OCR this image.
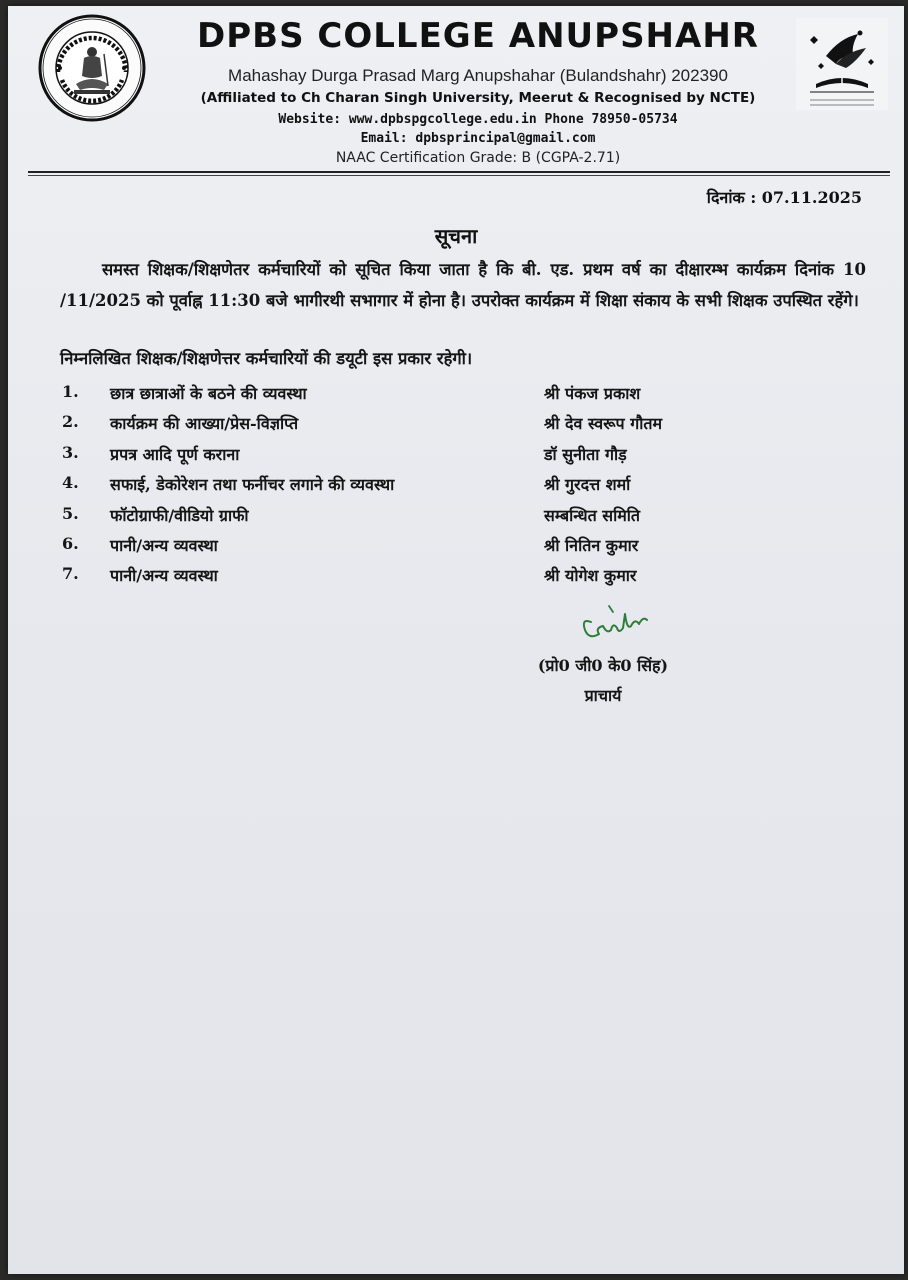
DPBS COLLEGE ANUPSHAHR
Mahashay Durga Prasad Marg Anupshahar (Bulandshahr) 202390
(Affiliated to Ch Charan Singh University, Meerut & Recognised by NCTE)
Website: www.dpbspgcollege.edu.in Phone 78950-05734
Email: dpbsprincipal@gmail.com
NAAC Certification Grade: B (CGPA-2.71)
दिनांक : 07.11.2025
सूचना
समस्त शिक्षक/शिक्षणेतर कर्मचारियों को सूचित किया जाता है कि बी. एड. प्रथम वर्ष का दीक्षारम्भ कार्यक्रम दिनांक 10 /11/2025 को पूर्वाह्न 11:30 बजे भागीरथी सभागार में होना है। उपरोक्त कार्यक्रम में शिक्षा संकाय के सभी शिक्षक उपस्थित रहेंगे।
निम्नलिखित शिक्षक/शिक्षणेत्तर कर्मचारियों की डयूटी इस प्रकार रहेगी।
1. छात्र छात्राओं के बठने की व्यवस्था	श्री पंकज प्रकाश
2. कार्यक्रम की आख्या/प्रेस-विज्ञप्ति	श्री देव स्वरूप गौतम
3. प्रपत्र आदि पूर्ण कराना	डॉ सुनीता गौड़
4. सफाई, डेकोरेशन तथा फर्नीचर लगाने की व्यवस्था	श्री गुरदत्त शर्मा
5. फॉटोग्राफी/वीडियो ग्राफी	सम्बन्धित समिति
6. पानी/अन्य व्यवस्था	श्री नितिन कुमार
7. पानी/अन्य व्यवस्था	श्री योगेश कुमार
(प्रो0 जी0 के0 सिंह)
प्राचार्य
